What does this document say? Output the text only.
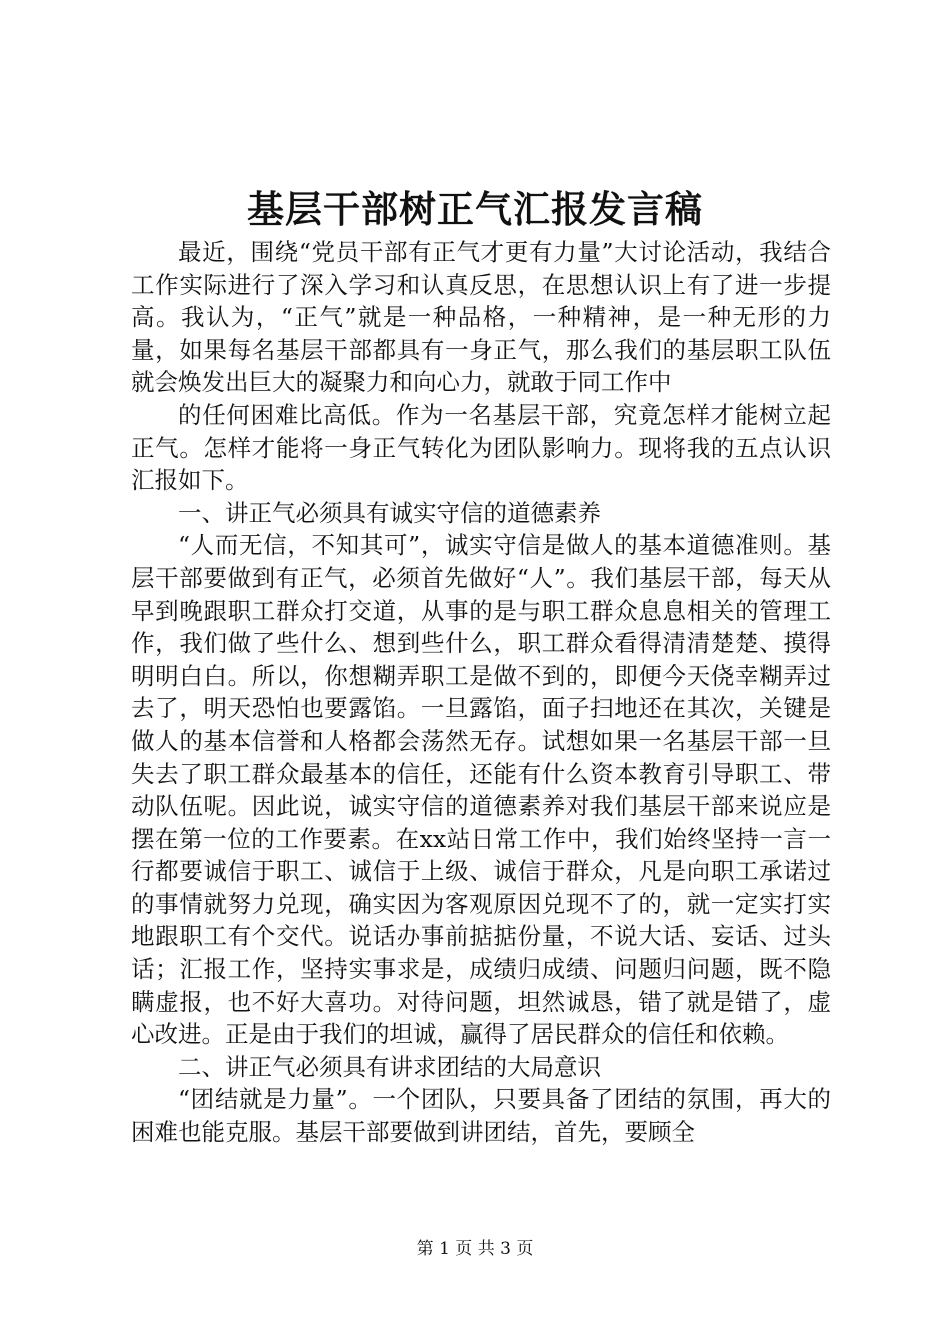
基层干部树正气汇报发言稿

最近，围绕“党员干部有正气才更有力量”大讨论活动，我结合工作实际进行了深入学习和认真反思，在思想认识上有了进一步提高。我认为，“正气”就是一种品格，一种精神，是一种无形的力量，如果每名基层干部都具有一身正气，那么我们的基层职工队伍就会焕发出巨大的凝聚力和向心力，就敢于同工作中

的任何困难比高低。作为一名基层干部，究竟怎样才能树立起正气。怎样才能将一身正气转化为团队影响力。现将我的五点认识汇报如下。

一、讲正气必须具有诚实守信的道德素养

“人而无信，不知其可”，诚实守信是做人的基本道德准则。基层干部要做到有正气，必须首先做好“人”。我们基层干部，每天从早到晚跟职工群众打交道，从事的是与职工群众息息相关的管理工作，我们做了些什么、想到些什么，职工群众看得清清楚楚、摸得明明白白。所以，你想糊弄职工是做不到的，即便今天侥幸糊弄过去了，明天恐怕也要露馅。一旦露馅，面子扫地还在其次，关键是做人的基本信誉和人格都会荡然无存。试想如果一名基层干部一旦失去了职工群众最基本的信任，还能有什么资本教育引导职工、带动队伍呢。因此说，诚实守信的道德素养对我们基层干部来说应是摆在第一位的工作要素。在xx站日常工作中，我们始终坚持一言一行都要诚信于职工、诚信于上级、诚信于群众，凡是向职工承诺过的事情就努力兑现，确实因为客观原因兑现不了的，就一定实打实地跟职工有个交代。说话办事前掂掂份量，不说大话、妄话、过头话；汇报工作，坚持实事求是，成绩归成绩、问题归问题，既不隐瞒虚报，也不好大喜功。对待问题，坦然诚恳，错了就是错了，虚心改进。正是由于我们的坦诚，赢得了居民群众的信任和依赖。

二、讲正气必须具有讲求团结的大局意识

“团结就是力量”。一个团队，只要具备了团结的氛围，再大的困难也能克服。基层干部要做到讲团结，首先，要顾全

第 1 页 共 3 页
